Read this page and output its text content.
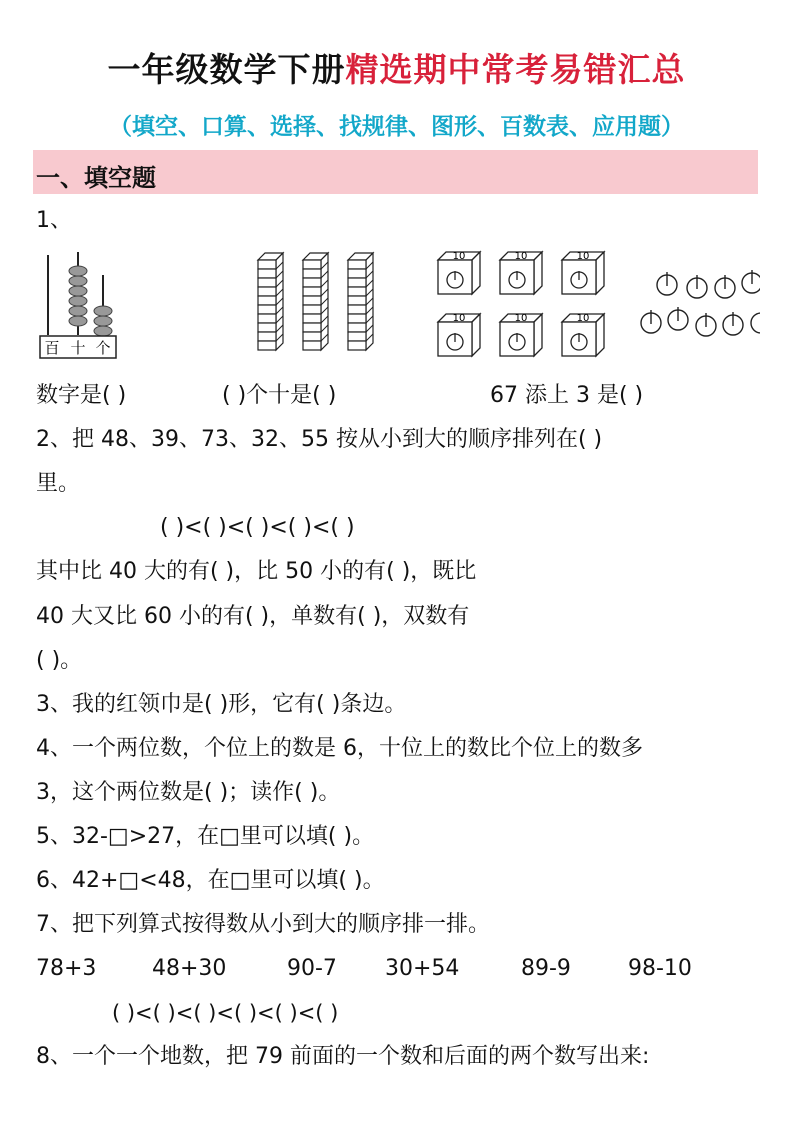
一年级数学下册精选期中常考易错汇总
（填空、口算、选择、找规律、图形、百数表、应用题）
一、填空题
1、
百 十 个
10	10	10
10	10	10
数字是( )	( )个十是( )	67 添上 3 是( )
2、把 48、39、73、32、55 按从小到大的顺序排列在( )
里。
( )<( )<( )<( )<( )
其中比 40 大的有( )，比 50 小的有( )，既比
40 大又比 60 小的有( )，单数有( )，双数有
( )。
3、我的红领巾是( )形，它有( )条边。
4、一个两位数，个位上的数是 6，十位上的数比个位上的数多
3，这个两位数是( )；读作( )。
5、32-□>27，在□里可以填( )。
6、42+□<48，在□里可以填( )。
7、把下列算式按得数从小到大的顺序排一排。
78+3	48+30	90-7 30+54	89-9	98-10
( )<( )<( )<( )<( )<( )
8、一个一个地数，把 79 前面的一个数和后面的两个数写出来:
